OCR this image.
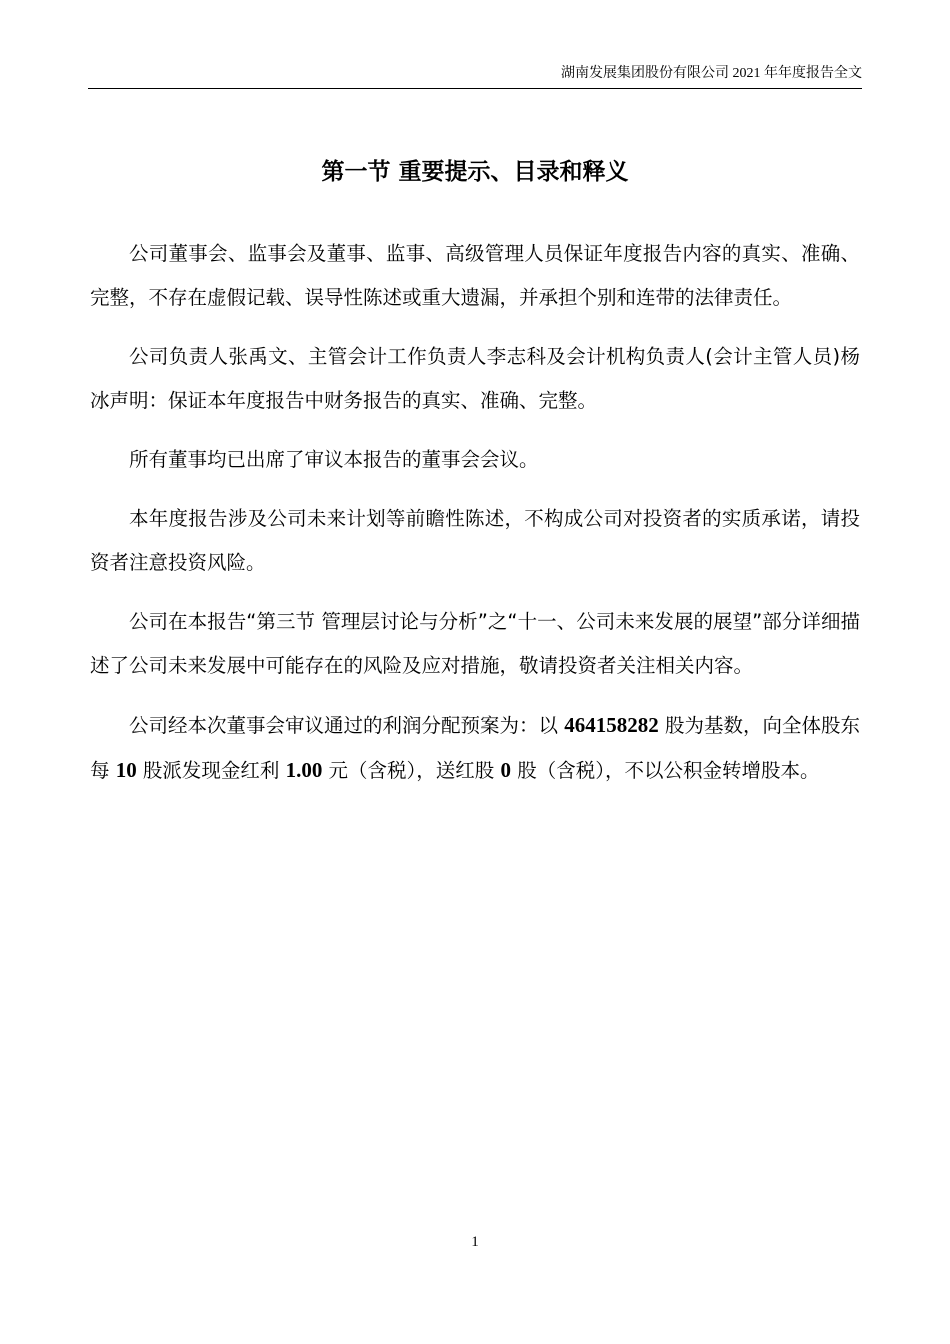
湖南发展集团股份有限公司 2021 年年度报告全文
第一节 重要提示、目录和释义

公司董事会、监事会及董事、监事、高级管理人员保证年度报告内容的真实、准确、完整，不存在虚假记载、误导性陈述或重大遗漏，并承担个别和连带的法律责任。

公司负责人张禹文、主管会计工作负责人李志科及会计机构负责人(会计主管人员)杨冰声明：保证本年度报告中财务报告的真实、准确、完整。

所有董事均已出席了审议本报告的董事会会议。

本年度报告涉及公司未来计划等前瞻性陈述，不构成公司对投资者的实质承诺，请投资者注意投资风险。

公司在本报告“第三节 管理层讨论与分析”之“十一、公司未来发展的展望”部分详细描述了公司未来发展中可能存在的风险及应对措施，敬请投资者关注相关内容。

公司经本次董事会审议通过的利润分配预案为：以 464158282 股为基数，向全体股东每 10 股派发现金红利 1.00 元（含税），送红股 0 股（含税），不以公积金转增股本。

1
